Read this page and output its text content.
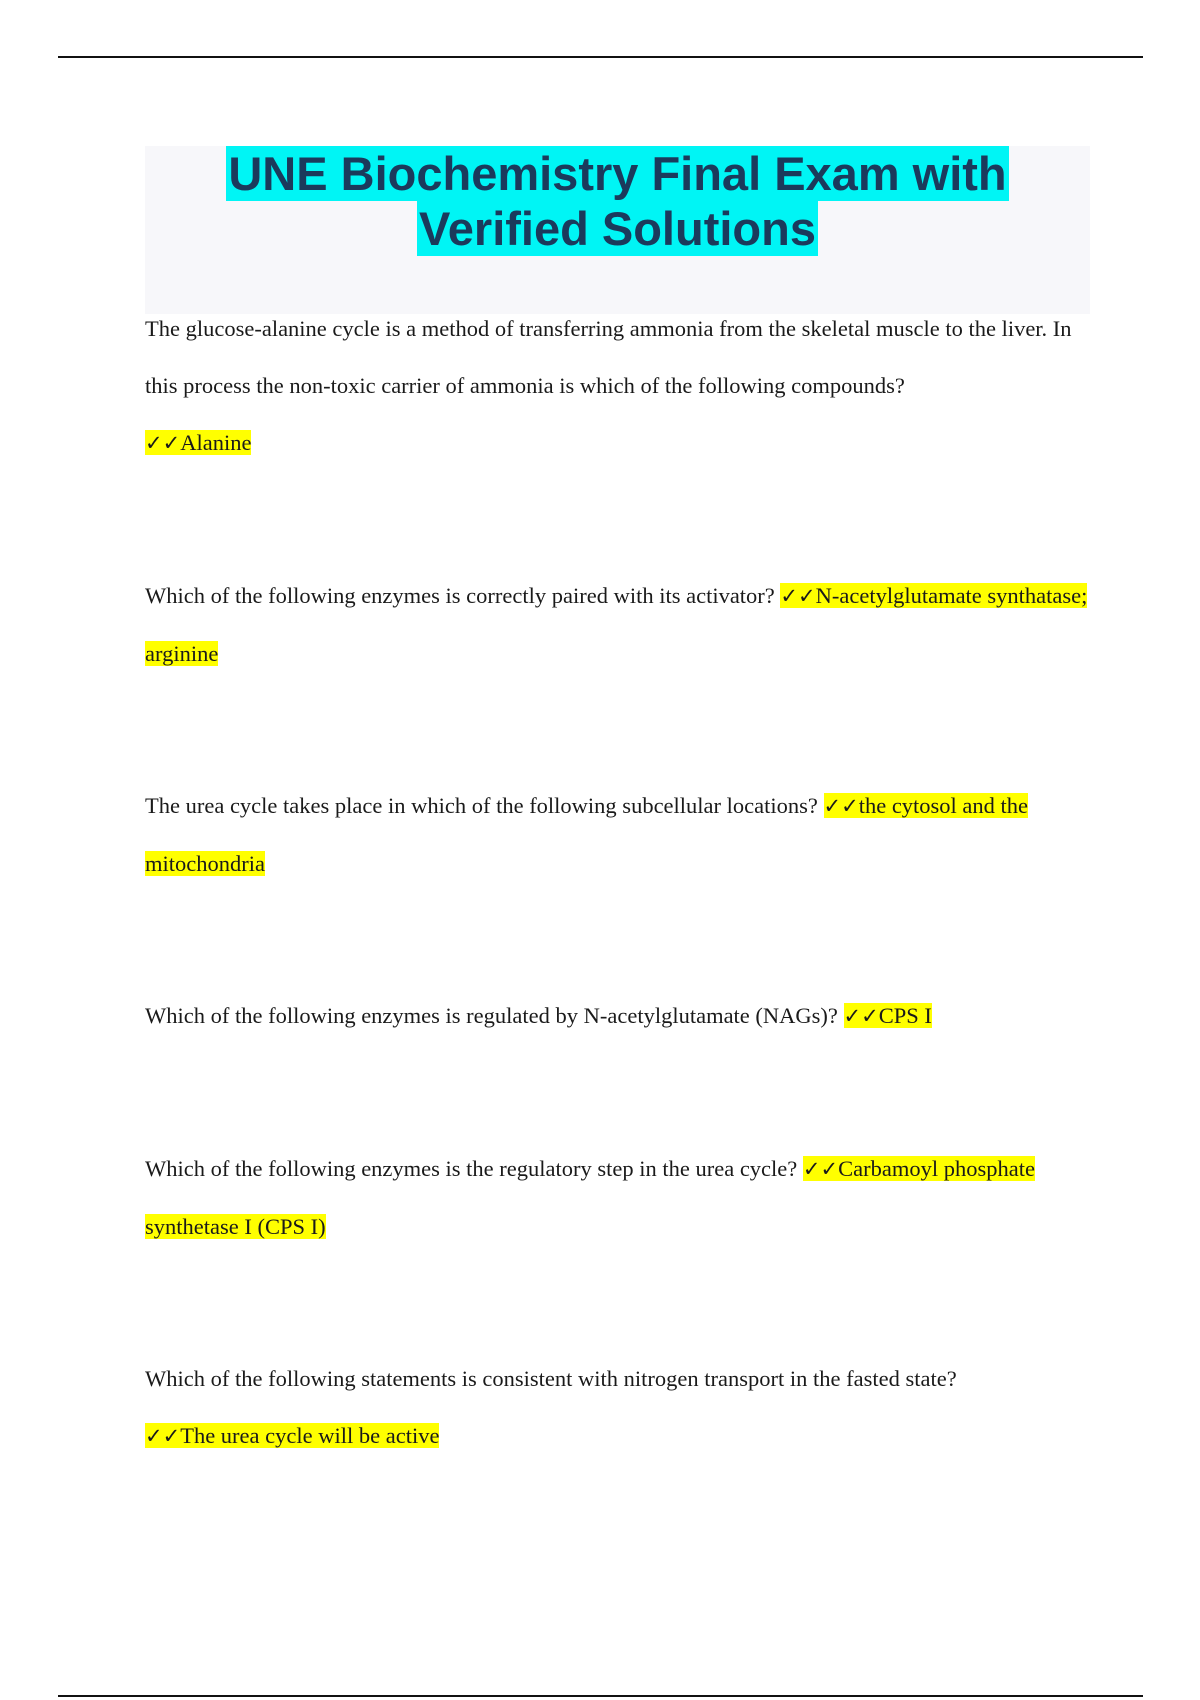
UNE Biochemistry Final Exam with
Verified Solutions

The glucose-alanine cycle is a method of transferring ammonia from the skeletal muscle to the liver. In this process the non-toxic carrier of ammonia is which of the following compounds?
✓✓Alanine

Which of the following enzymes is correctly paired with its activator? ✓✓N-acetylglutamate synthatase; arginine

The urea cycle takes place in which of the following subcellular locations? ✓✓the cytosol and the mitochondria

Which of the following enzymes is regulated by N-acetylglutamate (NAGs)? ✓✓CPS I

Which of the following enzymes is the regulatory step in the urea cycle? ✓✓Carbamoyl phosphate synthetase I (CPS I)

Which of the following statements is consistent with nitrogen transport in the fasted state?
✓✓The urea cycle will be active
